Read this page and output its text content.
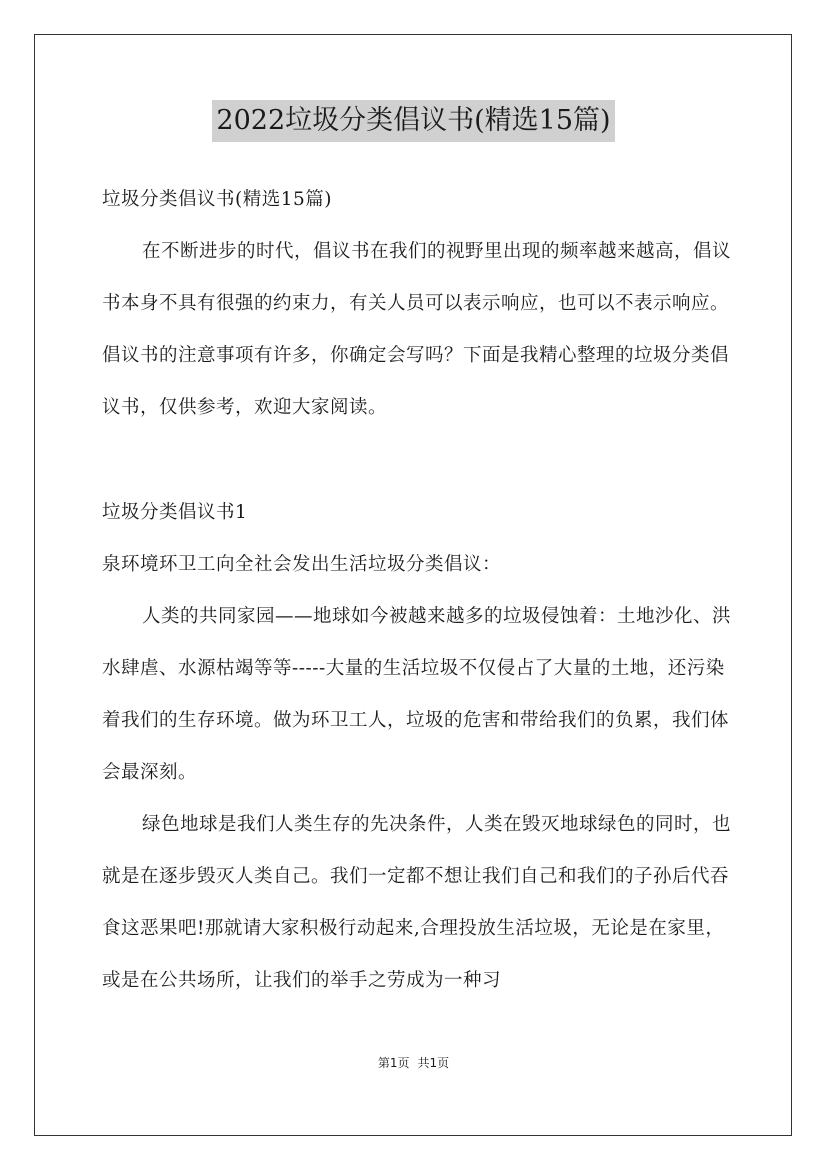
2022垃圾分类倡议书(精选15篇)

垃圾分类倡议书(精选15篇)

在不断进步的时代，倡议书在我们的视野里出现的频率越来越高，倡议书本身不具有很强的约束力，有关人员可以表示响应，也可以不表示响应。倡议书的注意事项有许多，你确定会写吗？下面是我精心整理的垃圾分类倡议书，仅供参考，欢迎大家阅读。

垃圾分类倡议书1

泉环境环卫工向全社会发出生活垃圾分类倡议：

人类的共同家园——地球如今被越来越多的垃圾侵蚀着：土地沙化、洪水肆虐、水源枯竭等等-----大量的生活垃圾不仅侵占了大量的土地，还污染着我们的生存环境。做为环卫工人，垃圾的危害和带给我们的负累，我们体会最深刻。

绿色地球是我们人类生存的先决条件，人类在毁灭地球绿色的同时，也就是在逐步毁灭人类自己。我们一定都不想让我们自己和我们的子孙后代吞食这恶果吧!那就请大家积极行动起来,合理投放生活垃圾，无论是在家里，或是在公共场所，让我们的举手之劳成为一种习

第1页 共1页
